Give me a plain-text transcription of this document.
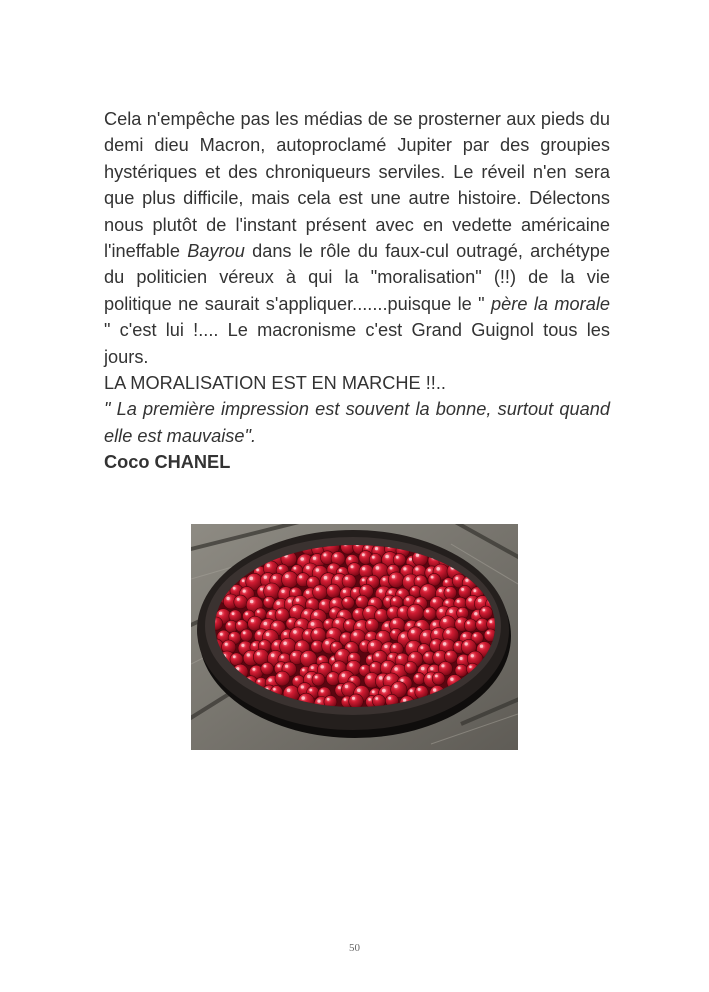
Cela n'empêche pas les médias de se prosterner aux pieds du demi dieu Macron, autoproclamé Jupiter par des groupies hystériques et des chroniqueurs serviles. Le réveil n'en sera que plus difficile, mais cela est une autre histoire. Délectons nous plutôt de l'instant présent avec en vedette américaine l'ineffable Bayrou dans le rôle du faux-cul outragé, archétype du politicien véreux à qui la "moralisation" (!!) de la vie politique ne saurait s'appliquer.......puisque le " père la morale " c'est lui !.... Le macronisme c'est Grand Guignol tous les jours.

LA MORALISATION EST EN MARCHE !!..

" La première impression est souvent la bonne, surtout quand elle est mauvaise".

Coco CHANEL

50
